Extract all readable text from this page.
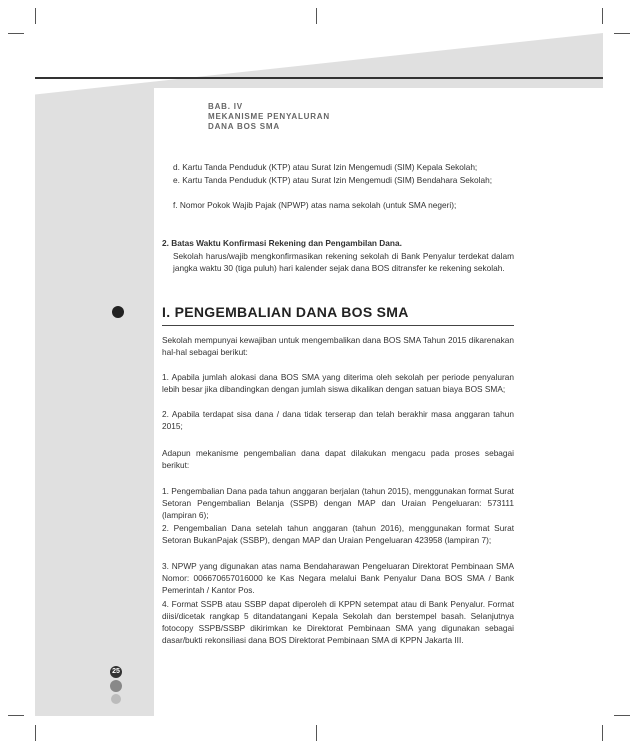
BAB. IV
MEKANISME PENYALURAN
DANA BOS SMA
d. Kartu Tanda Penduduk (KTP) atau Surat Izin Mengemudi (SIM) Kepala Sekolah;
e. Kartu Tanda Penduduk (KTP) atau Surat Izin Mengemudi (SIM) Bendahara Sekolah;
f. Nomor Pokok Wajib Pajak (NPWP) atas nama sekolah (untuk SMA negeri);
2. Batas Waktu Konfirmasi Rekening dan Pengambilan Dana.
Sekolah harus/wajib mengkonfirmasikan rekening sekolah di Bank Penyalur terdekat dalam jangka waktu 30 (tiga puluh) hari kalender sejak dana BOS ditransfer ke rekening sekolah.
I. PENGEMBALIAN DANA BOS SMA
Sekolah mempunyai kewajiban untuk mengembalikan dana BOS SMA Tahun 2015 dikarenakan hal-hal sebagai berikut:
1. Apabila jumlah alokasi dana BOS SMA yang diterima oleh sekolah per periode penyaluran lebih besar jika dibandingkan dengan jumlah siswa dikalikan dengan satuan biaya BOS SMA;
2. Apabila terdapat sisa dana / dana tidak terserap dan telah berakhir masa anggaran tahun 2015;
Adapun mekanisme pengembalian dana dapat dilakukan mengacu pada proses sebagai berikut:
1. Pengembalian Dana pada tahun anggaran berjalan (tahun 2015), menggunakan format Surat Setoran Pengembalian Belanja (SSPB) dengan MAP dan Uraian Pengeluaran: 573111 (lampiran 6);
2. Pengembalian Dana setelah tahun anggaran (tahun 2016), menggunakan format Surat Setoran BukanPajak (SSBP), dengan MAP dan Uraian Pengeluaran 423958 (lampiran 7);
3. NPWP yang digunakan atas nama Bendaharawan Pengeluaran Direktorat Pembinaan SMA Nomor: 006670657016000 ke Kas Negara melalui Bank Penyalur Dana BOS SMA / Bank Pemerintah / Kantor Pos.
4. Format SSPB atau SSBP dapat diperoleh di KPPN setempat atau di Bank Penyalur. Format diisi/dicetak rangkap 5 ditandatangani Kepala Sekolah dan berstempel basah. Selanjutnya fotocopy SSPB/SSBP dikirimkan ke Direktorat Pembinaan SMA yang digunakan sebagai dasar/bukti rekonsiliasi dana BOS Direktorat Pembinaan SMA di KPPN Jakarta III.
25
